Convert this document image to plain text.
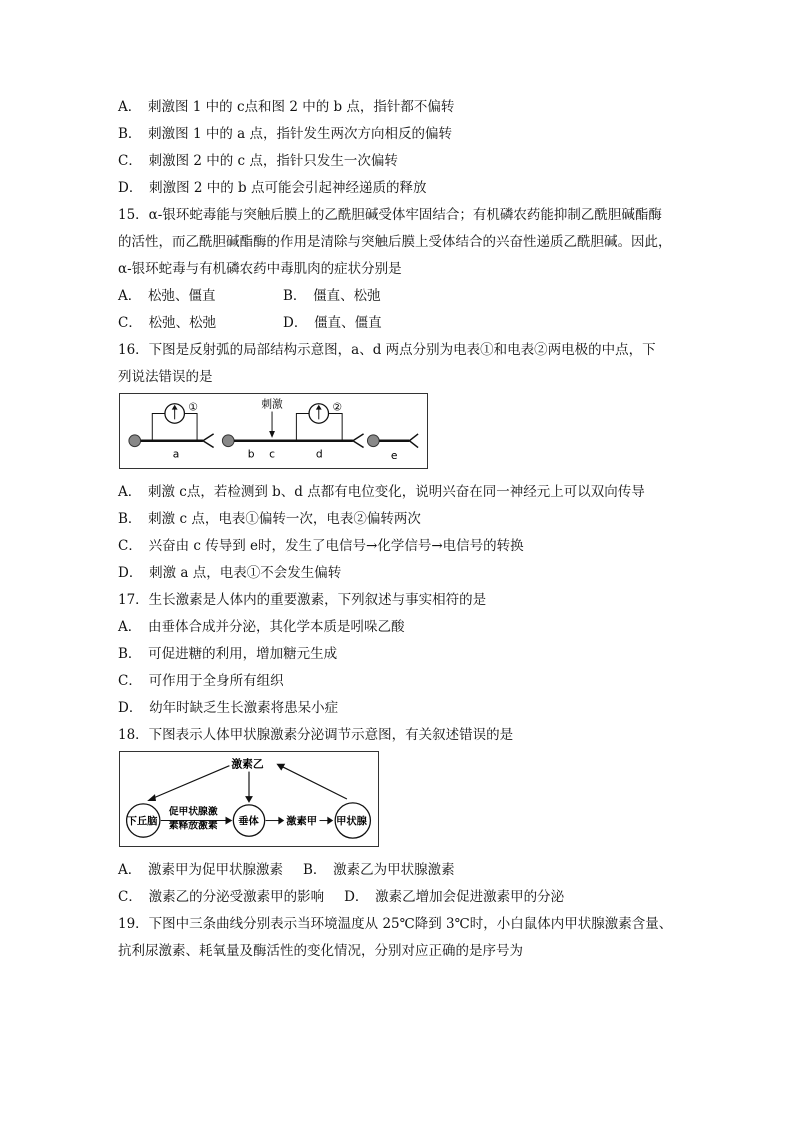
A．　刺激图 1 中的 c点和图 2 中的 b 点，指针都不偏转
B．　刺激图 1 中的 a 点，指针发生两次方向相反的偏转
C．　刺激图 2 中的 c 点，指针只发生一次偏转
D．　刺激图 2 中的 b 点可能会引起神经递质的释放
15．α-银环蛇毒能与突触后膜上的乙酰胆碱受体牢固结合；有机磷农药能抑制乙酰胆碱酯酶
的活性，而乙酰胆碱酯酶的作用是清除与突触后膜上受体结合的兴奋性递质乙酰胆碱。因此，
α-银环蛇毒与有机磷农药中毒肌肉的症状分别是
A．　松弛、僵直	B．　僵直、松弛
C．　松弛、松弛	D．　僵直、僵直
16．下图是反射弧的局部结构示意图，a、d 两点分别为电表①和电表②两电极的中点，下
列说法错误的是
①
a
刺激	②
b c	d	e
A．　刺激 c点，若检测到 b、d 点都有电位变化，说明兴奋在同一神经元上可以双向传导
B．　刺激 c 点，电表①偏转一次，电表②偏转两次
C．　兴奋由 c 传导到 e时，发生了电信号→化学信号→电信号的转换
D．　刺激 a 点，电表①不会发生偏转
17．生长激素是人体内的重要激素，下列叙述与事实相符的是
A．　由垂体合成并分泌，其化学本质是吲哚乙酸
B．　可促进糖的利用，增加糖元生成
C．　可作用于全身所有组织
D．　幼年时缺乏生长激素将患呆小症
18．下图表示人体甲状腺激素分泌调节示意图，有关叙述错误的是
激素乙
下丘脑
促甲状腺激
素释放激素 垂体	激素甲 甲状腺
A．　激素甲为促甲状腺激素 B．　激素乙为甲状腺激素
C．　激素乙的分泌受激素甲的影响 D．　激素乙增加会促进激素甲的分泌
19．下图中三条曲线分别表示当环境温度从 25℃降到 3℃时，小白鼠体内甲状腺激素含量、
抗利尿激素、耗氧量及酶活性的变化情况，分别对应正确的是序号为
